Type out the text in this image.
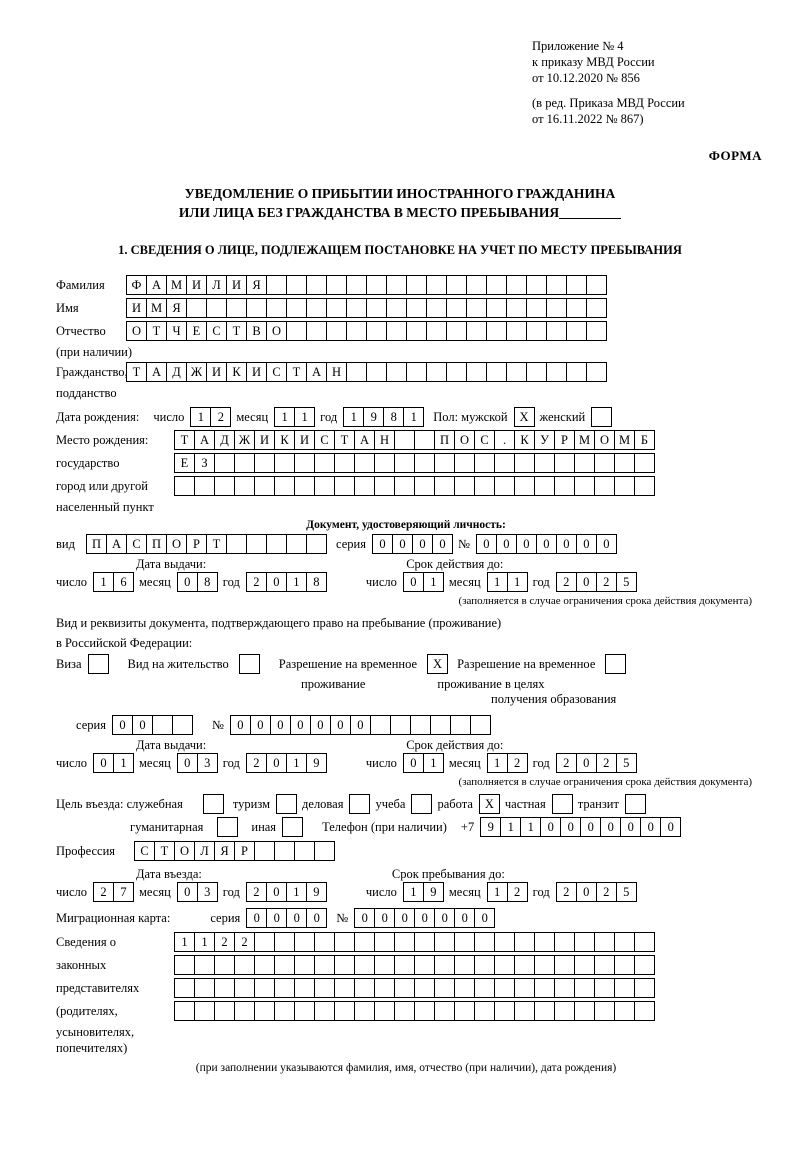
Приложение № 4
к приказу МВД России
от 10.12.2020 № 856
(в ред. Приказа МВД России
от 16.11.2022 № 867)
ФОРМА
УВЕДОМЛЕНИЕ О ПРИБЫТИИ ИНОСТРАННОГО ГРАЖДАНИНА
ИЛИ ЛИЦА БЕЗ ГРАЖДАНСТВА В МЕСТО ПРЕБЫВАНИЯ
1. СВЕДЕНИЯ О ЛИЦЕ, ПОДЛЕЖАЩЕМ ПОСТАНОВКЕ НА УЧЕТ ПО МЕСТУ ПРЕБЫВАНИЯ
Фамилия	Ф А М И Л И Я
Имя	И М Я
Отчество	О Т Ч Е С Т В О
(при наличии)
Гражданство, Т А Д Ж И К И С Т А Н
подданство
Дата рождения: число	1	2 месяц	1	1 год	1	9	8	1	Пол: мужской X женский
Место рождения:	Т А Д Ж И К И С Т А Н	П О С	.	К У Р М О М Б
государство	Е	З
город или другой
населенный пункт
Документ, удостоверяющий личность:
вид	П А С П О Р	Т	серия	0	0	0	0 №	0	0	0	0	0	0	0
Дата выдачи:	Срок действия до:
число	1	6 месяц	0	8 год	2	0	1	8	число	0	1 месяц	1	1 год	2	0	2	5
(заполняется в случае ограничения срока действия документа)
Вид и реквизиты документа, подтверждающего право на пребывание (проживание)
в Российской Федерации:
Виза	Вид на жительство	Разрешение на временное	X	Разрешение на временное
проживание	проживание в целях
получения образования
серия	0	0	№	0	0	0	0	0	0	0
Дата выдачи:	Срок действия до:
число	0	1 месяц	0	3 год	2	0	1	9	число	0	1 месяц	1	2 год	2	0	2	5
(заполняется в случае ограничения срока действия документа)
Цель въезда: служебная	туризм	деловая	учеба	работа X частная	транзит
гуманитарная	иная	Телефон (при наличии) +7	9	1	1	0	0	0	0	0	0	0
Профессия	С Т О Л Я Р
Дата въезда:	Срок пребывания до:
число	2	7 месяц	0	3 год	2	0	1	9	число	1	9 месяц	1	2 год	2	0	2	5
Миграционная карта:	серия	0	0	0	0	№	0	0	0	0	0	0	0
Сведения о	1	1	2	2
законных
представителях
(родителях,
усыновителях,
попечителях)
(при заполнении указываются фамилия, имя, отчество (при наличии), дата рождения)
